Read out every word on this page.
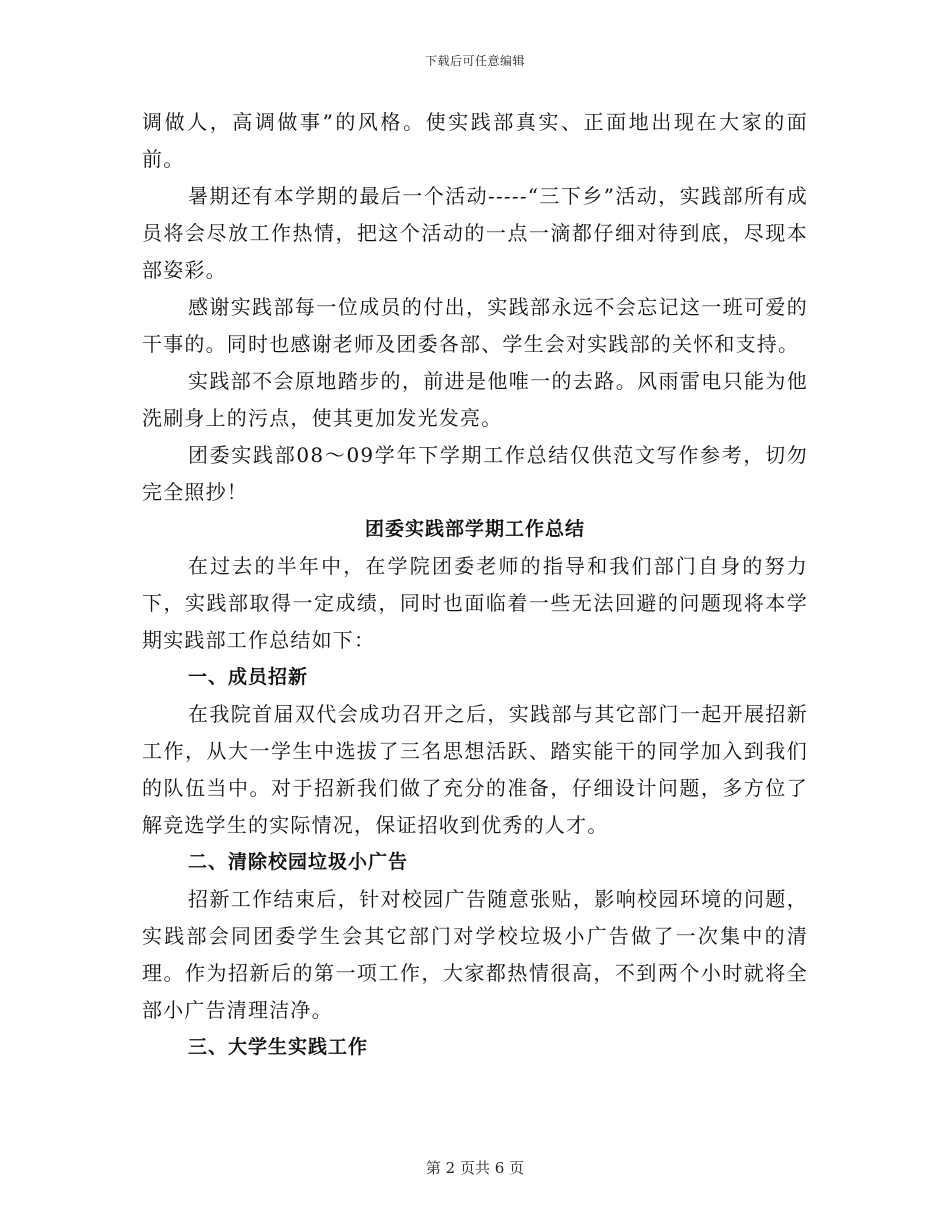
下载后可任意编辑

调做人，高调做事”的风格。使实践部真实、正面地出现在大家的面前。

暑期还有本学期的最后一个活动-----“三下乡”活动，实践部所有成员将会尽放工作热情，把这个活动的一点一滴都仔细对待到底，尽现本部姿彩。

感谢实践部每一位成员的付出，实践部永远不会忘记这一班可爱的干事的。同时也感谢老师及团委各部、学生会对实践部的关怀和支持。

实践部不会原地踏步的，前进是他唯一的去路。风雨雷电只能为他洗刷身上的污点，使其更加发光发亮。

团委实践部08～09学年下学期工作总结仅供范文写作参考，切勿完全照抄！

团委实践部学期工作总结

在过去的半年中，在学院团委老师的指导和我们部门自身的努力下，实践部取得一定成绩，同时也面临着一些无法回避的问题现将本学期实践部工作总结如下：

一、成员招新

在我院首届双代会成功召开之后，实践部与其它部门一起开展招新工作，从大一学生中选拔了三名思想活跃、踏实能干的同学加入到我们的队伍当中。对于招新我们做了充分的准备，仔细设计问题，多方位了解竞选学生的实际情况，保证招收到优秀的人才。

二、清除校园垃圾小广告

招新工作结束后，针对校园广告随意张贴，影响校园环境的问题，实践部会同团委学生会其它部门对学校垃圾小广告做了一次集中的清理。作为招新后的第一项工作，大家都热情很高，不到两个小时就将全部小广告清理洁净。

三、大学生实践工作

第 2 页共 6 页
